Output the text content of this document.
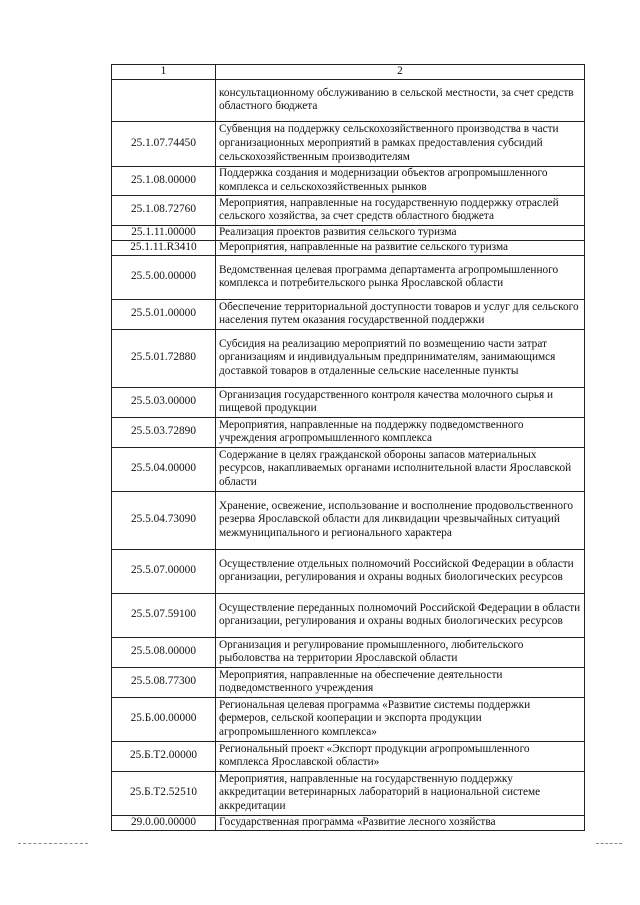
1	2
	консультационному обслуживанию в сельской местности, за счет средств областного бюджета
25.1.07.74450	Субвенция на поддержку сельскохозяйственного производства в части организационных мероприятий в рамках предоставления субсидий сельскохозяйственным производителям
25.1.08.00000	Поддержка создания и модернизации объектов агропромышленного комплекса и сельскохозяйственных рынков
25.1.08.72760	Мероприятия, направленные на государственную поддержку отраслей сельского хозяйства, за счет средств областного бюджета
25.1.11.00000	Реализация проектов развития сельского туризма
25.1.11.R3410	Мероприятия, направленные на развитие сельского туризма
25.5.00.00000	Ведомственная целевая программа департамента агропромышленного комплекса и потребительского рынка Ярославской области
25.5.01.00000	Обеспечение территориальной доступности товаров и услуг для сельского населения путем оказания государственной поддержки
25.5.01.72880	Субсидия на реализацию мероприятий по возмещению части затрат организациям и индивидуальным предпринимателям, занимающимся доставкой товаров в отдаленные сельские населенные пункты
25.5.03.00000	Организация государственного контроля качества молочного сырья и пищевой продукции
25.5.03.72890	Мероприятия, направленные на поддержку подведомственного учреждения агропромышленного комплекса
25.5.04.00000	Содержание в целях гражданской обороны запасов материальных ресурсов, накапливаемых органами исполнительной власти Ярославской области
25.5.04.73090	Хранение, освежение, использование и восполнение продовольственного резерва Ярославской области для ликвидации чрезвычайных ситуаций межмуниципального и регионального характера
25.5.07.00000	Осуществление отдельных полномочий Российской Федерации в области организации, регулирования и охраны водных биологических ресурсов
25.5.07.59100	Осуществление переданных полномочий Российской Федерации в области организации, регулирования и охраны водных биологических ресурсов
25.5.08.00000	Организация и регулирование промышленного, любительского рыболовства на территории Ярославской области
25.5.08.77300	Мероприятия, направленные на обеспечение деятельности подведомственного учреждения
25.Б.00.00000	Региональная целевая программа «Развитие системы поддержки фермеров, сельской кооперации и экспорта продукции агропромышленного комплекса»
25.Б.T2.00000	Региональный проект «Экспорт продукции агропромышленного комплекса Ярославской области»
25.Б.T2.52510	Мероприятия, направленные на государственную поддержку аккредитации ветеринарных лабораторий в национальной системе аккредитации
29.0.00.00000	Государственная программа «Развитие лесного хозяйства
